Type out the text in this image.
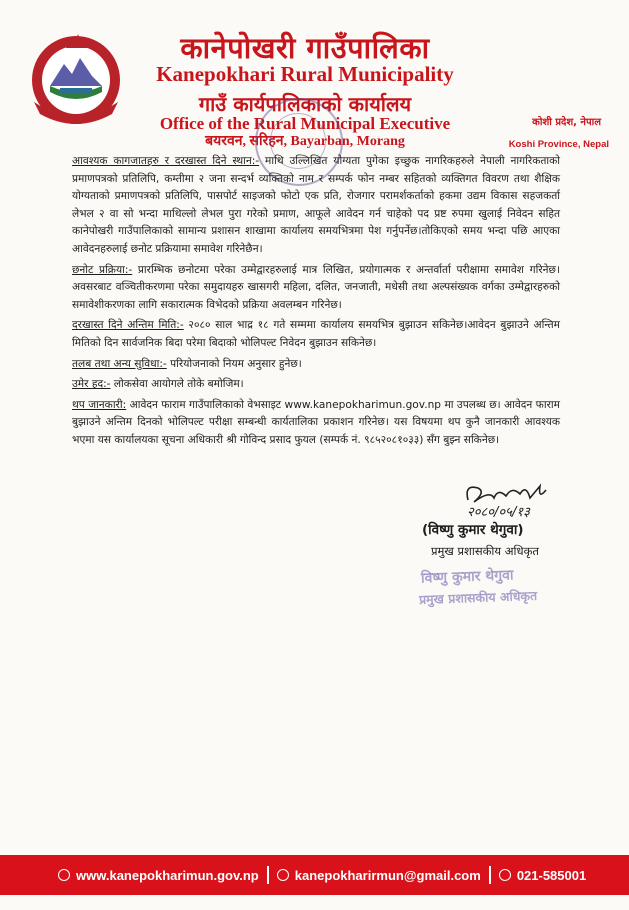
कानेपोखरी गाउँपालिका
Kanepokhari Rural Municipality
गाउँ कार्यपालिकाको कार्यालय
Office of the Rural Municipal Executive
बयरवन, सरिहन, Bayarban, Morang
कोशी प्रदेश, नेपाल
Koshi Province, Nepal

आवश्यक कागजातहरु र दरखास्त दिने स्थान:- माथि उल्लिखित योग्यता पुगेका इच्छुक नागरिकहरुले नेपाली नागरिकताको प्रमाणपत्रको प्रतिलिपि, कम्तीमा २ जना सन्दर्भ व्यक्तिको नाम र सम्पर्क फोन नम्बर सहितको व्यक्तिगत विवरण तथा शैक्षिक योग्यताको प्रमाणपत्रको प्रतिलिपि, पासपोर्ट साइजको फोटो एक प्रति, रोजगार परामर्शकर्ताको हकमा उद्यम विकास सहजकर्ता लेभल २ वा सो भन्दा माथिल्लो लेभल पुरा गरेको प्रमाण, आफूले आवेदन गर्न चाहेको पद प्रष्ट रुपमा खुलाई निवेदन सहित कानेपोखरी गाउँपालिकाको सामान्य प्रशासन शाखामा कार्यालय समयभित्रमा पेश गर्नुपर्नेछ।तोकिएको समय भन्दा पछि आएका आवेदनहरुलाई छनोट प्रक्रियामा समावेश गरिनेछैन।

छनोट प्रक्रिया:- प्रारम्भिक छनोटमा परेका उम्मेद्वारहरुलाई मात्र लिखित, प्रयोगात्मक र अन्तर्वार्ता परीक्षामा समावेश गरिनेछ।अवसरबाट वञ्चितीकरणमा परेका समुदायहरु खासगरी महिला, दलित, जनजाती, मधेसी तथा अल्पसंख्यक वर्गका उम्मेद्वारहरुको समावेशीकरणका लागि सकारात्मक विभेदको प्रक्रिया अवलम्बन गरिनेछ।

दरखास्त दिने अन्तिम मिति:- २०८० साल भाद्र १८ गते सम्ममा कार्यालय समयभित्र बुझाउन सकिनेछ।आवेदन बुझाउने अन्तिम मितिको दिन सार्वजनिक बिदा परेमा बिदाको भोलिपल्ट निवेदन बुझाउन सकिनेछ।

तलब तथा अन्य सुविधा:- परियोजनाको नियम अनुसार हुनेछ।

उमेर हद:- लोकसेवा आयोगले तोके बमोजिम।

थप जानकारी: आवेदन फाराम गाउँपालिकाको वेभसाइट www.kanepokharimun.gov.np मा उपलब्ध छ। आवेदन फाराम बुझाउने अन्तिम दिनको भोलिपल्ट परीक्षा सम्बन्धी कार्यतालिका प्रकाशन गरिनेछ। यस विषयमा थप कुनै जानकारी आवश्यक भएमा यस कार्यालयका सूचना अधिकारी श्री गोविन्द प्रसाद फुयल (सम्पर्क नं. ९८५२०८१०३३) सँग बुझ्न सकिनेछ।

२०८०/०५/१३
(विष्णु कुमार थेगुवा)
प्रमुख प्रशासकीय अधिकृत
विष्णु कुमार थेगुवा
प्रमुख प्रशासकीय अधिकृत
www.kanepokharimun.gov.np	kanepokharirmun@gmail.com	021-585001
